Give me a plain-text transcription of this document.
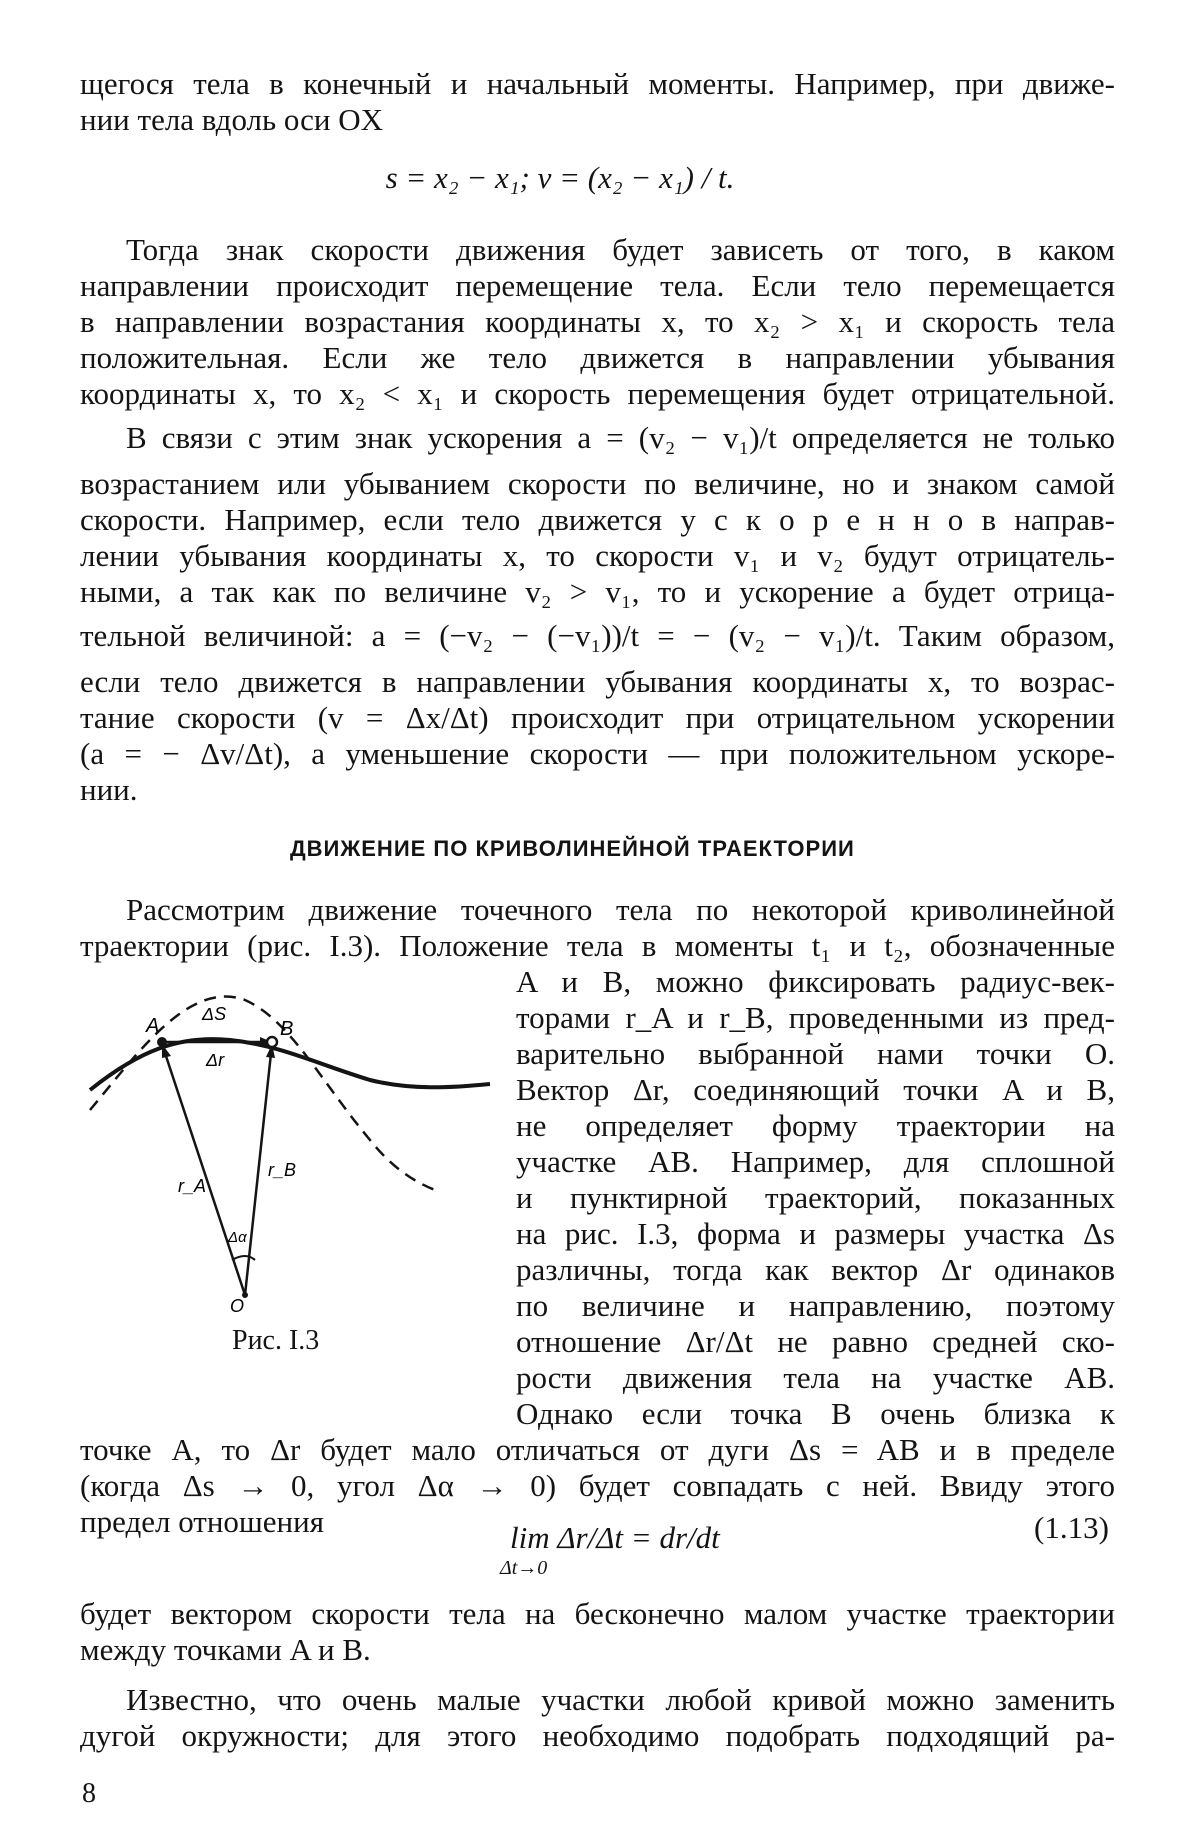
щегося тела в конечный и начальный моменты. Например, при движе-
нии тела вдоль оси OX
s = x₂ − x₁; v = (x₂ − x₁) / t.
Тогда знак скорости движения будет зависеть от того, в каком
направлении происходит перемещение тела. Если тело перемещается
в направлении возрастания координаты x, то x₂ > x₁ и скорость тела
положительная. Если же тело движется в направлении убывания
координаты x, то x₂ < x₁ и скорость перемещения будет отрицательной.
В связи с этим знак ускорения a = (v₂ − v₁)/t определяется не только
возрастанием или убыванием скорости по величине, но и знаком самой
скорости. Например, если тело движется у с к о р е н н о в направ-
лении убывания координаты x, то скорости v₁ и v₂ будут отрицатель-
ными, а так как по величине v₂ > v₁, то и ускорение a будет отрица-
тельной величиной: a = (−v₂ − (−v₁))/t = − (v₂ − v₁)/t. Таким образом,
если тело движется в направлении убывания координаты x, то возрас-
тание скорости (v = Δx/Δt) происходит при отрицательном ускорении
(a = − Δv/Δt), а уменьшение скорости — при положительном ускоре-
нии.
ДВИЖЕНИЕ ПО КРИВОЛИНЕЙНОЙ ТРАЕКТОРИИ
Рассмотрим движение точечного тела по некоторой криволинейной
траектории (рис. I.3). Положение тела в моменты t₁ и t₂, обозначенные
A и B, можно фиксировать радиус-век-
торами r_A и r_B, проведенными из пред-
варительно выбранной нами точки O.
Вектор Δr, соединяющий точки A и B,
не определяет форму траектории на
участке AB. Например, для сплошной
и пунктирной траекторий, показанных
на рис. I.3, форма и размеры участка Δs
различны, тогда как вектор Δr одинаков
по величине и направлению, поэтому
отношение Δr/Δt не равно средней ско-
рости движения тела на участке AB.
Однако если точка B очень близка к
точке A, то Δr будет мало отличаться от дуги Δs = AB и в пределе
(когда Δs → 0, угол Δα → 0) будет совпадать с ней. Ввиду этого
предел отношения	lim Δr/Δt = dr/dt
Δt→0
(1.13)
будет вектором скорости тела на бесконечно малом участке траектории
между точками A и B.
Известно, что очень малые участки любой кривой можно заменить
дугой окружности; для этого необходимо подобрать подходящий ра-
8
A	B
ΔS
Δr
r_A
r_B
Δα
O
Рис. I.3
